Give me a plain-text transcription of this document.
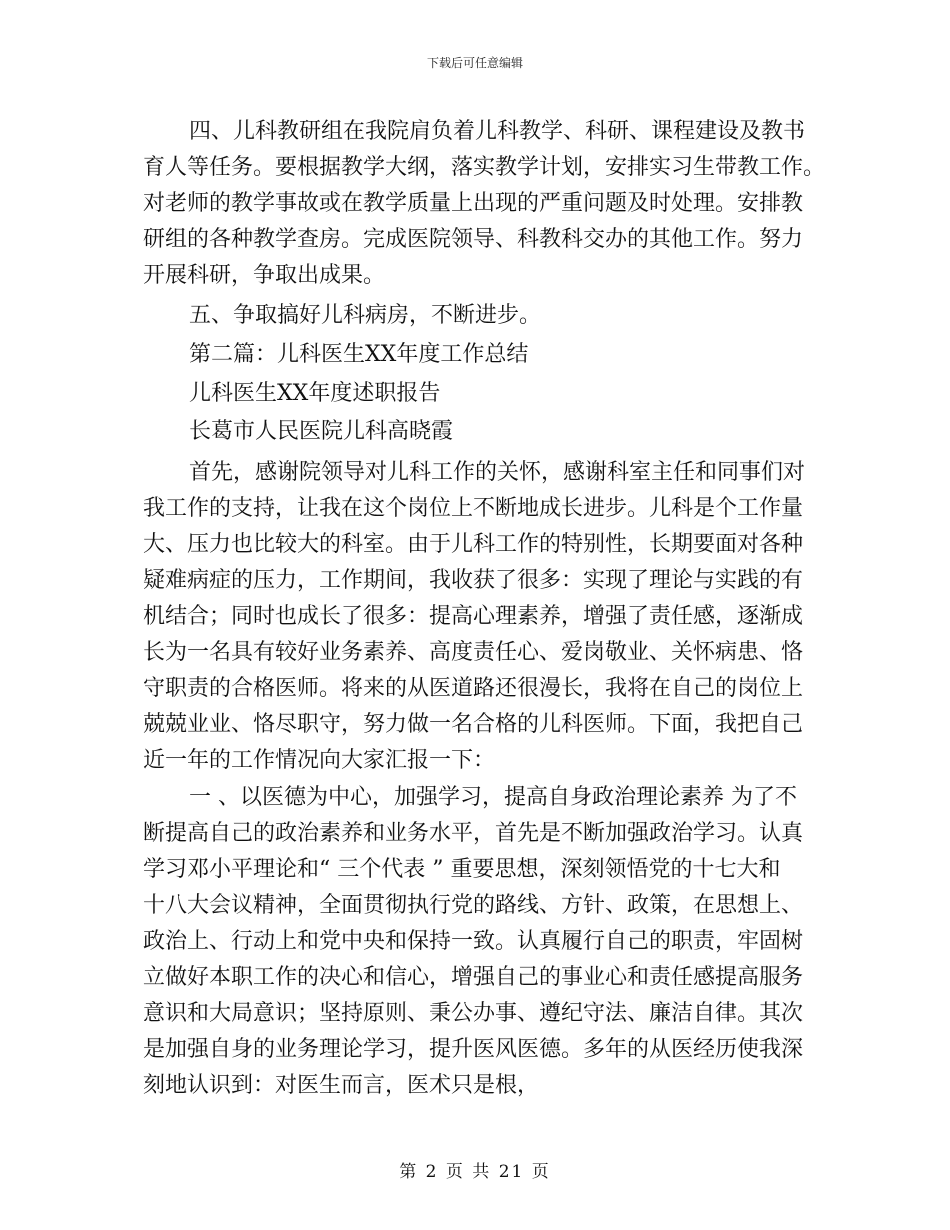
下载后可任意编辑
四、儿科教研组在我院肩负着儿科教学、科研、课程建设及教书
育人等任务。要根据教学大纲，落实教学计划，安排实习生带教工作。
对老师的教学事故或在教学质量上出现的严重问题及时处理。安排教
研组的各种教学查房。完成医院领导、科教科交办的其他工作。努力
开展科研，争取出成果。
五、争取搞好儿科病房，不断进步。
第二篇：儿科医生XX年度工作总结
儿科医生XX年度述职报告
长葛市人民医院儿科高晓霞
首先，感谢院领导对儿科工作的关怀，感谢科室主任和同事们对
我工作的支持，让我在这个岗位上不断地成长进步。儿科是个工作量
大、压力也比较大的科室。由于儿科工作的特别性，长期要面对各种
疑难病症的压力，工作期间，我收获了很多：实现了理论与实践的有
机结合；同时也成长了很多：提高心理素养，增强了责任感，逐渐成
长为一名具有较好业务素养、高度责任心、爱岗敬业、关怀病患、恪
守职责的合格医师。将来的从医道路还很漫长，我将在自己的岗位上
兢兢业业、恪尽职守，努力做一名合格的儿科医师。下面，我把自己
近一年的工作情况向大家汇报一下：
一 、以医德为中心，加强学习，提高自身政治理论素养 为了不
断提高自己的政治素养和业务水平，首先是不断加强政治学习。认真
学习邓小平理论和“ 三个代表 ” 重要思想，深刻领悟党的十七大和
十八大会议精神，全面贯彻执行党的路线、方针、政策，在思想上、
政治上、行动上和党中央和保持一致。认真履行自己的职责，牢固树
立做好本职工作的决心和信心，增强自己的事业心和责任感提高服务
意识和大局意识；坚持原则、秉公办事、遵纪守法、廉洁自律。其次
是加强自身的业务理论学习，提升医风医德。多年的从医经历使我深
刻地认识到：对医生而言，医术只是根，
第 2 页 共 21 页
